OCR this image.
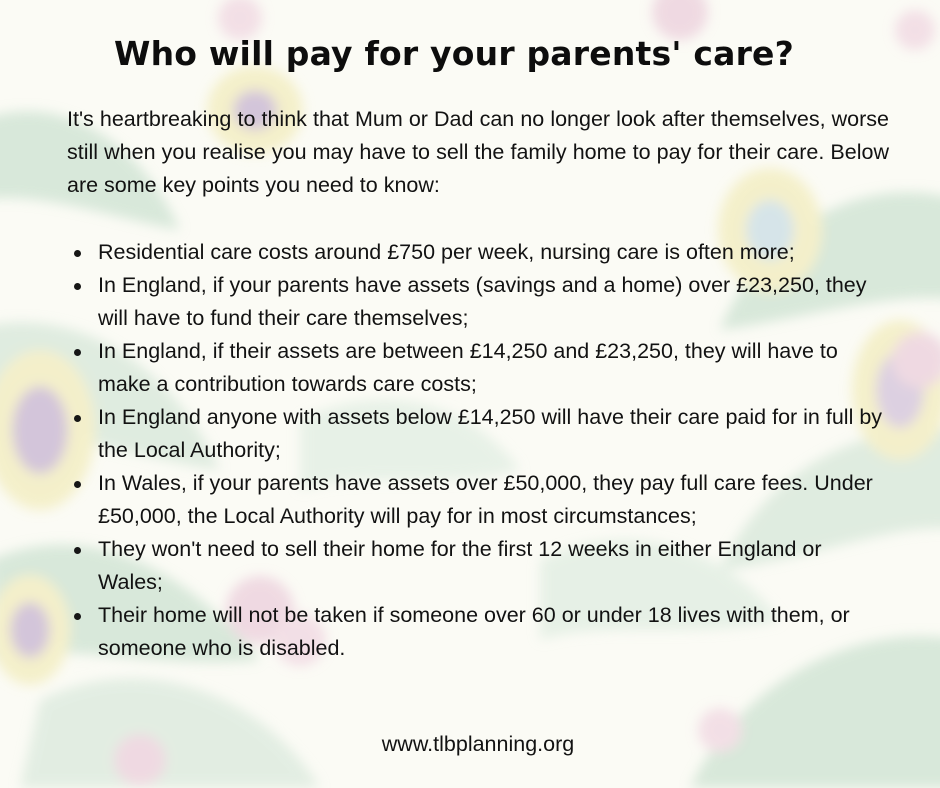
Who will pay for your parents' care?

It's heartbreaking to think that Mum or Dad can no longer look after themselves, worse still when you realise you may have to sell the family home to pay for their care. Below are some key points you need to know:

Residential care costs around £750 per week, nursing care is often more;
In England, if your parents have assets (savings and a home) over £23,250, they will have to fund their care themselves;
In England, if their assets are between £14,250 and £23,250, they will have to make a contribution towards care costs;
In England anyone with assets below £14,250 will have their care paid for in full by the Local Authority;
In Wales, if your parents have assets over £50,000, they pay full care fees. Under £50,000, the Local Authority will pay for in most circumstances;
They won't need to sell their home for the first 12 weeks in either England or Wales;
Their home will not be taken if someone over 60 or under 18 lives with them, or someone who is disabled.

www.tlbplanning.org
